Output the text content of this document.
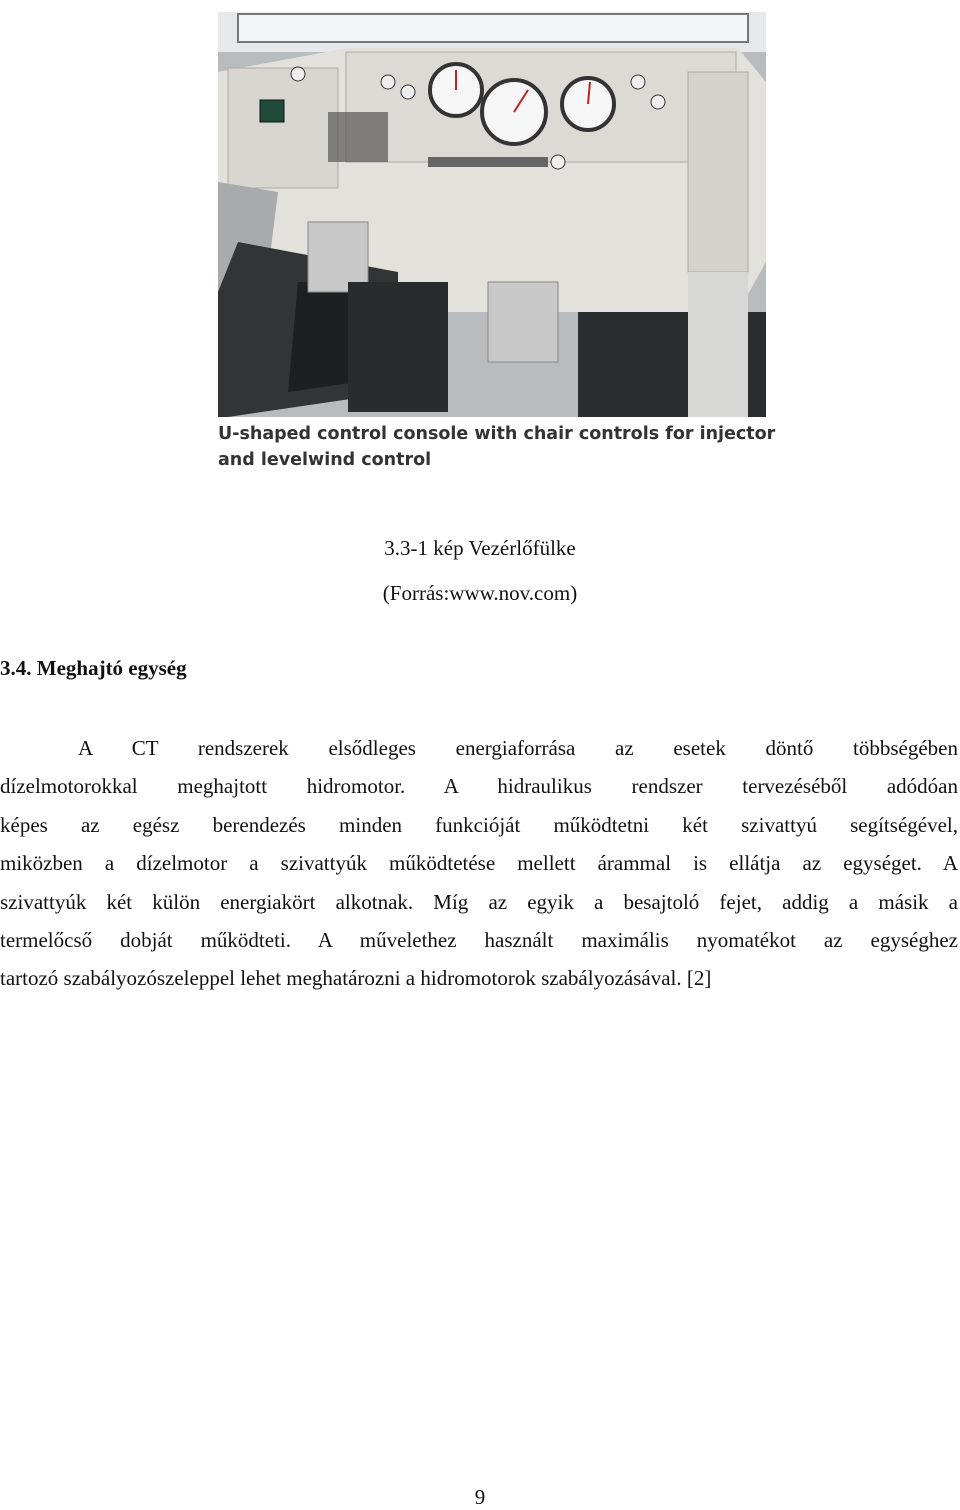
U-shaped control console with chair controls for injector
and levelwind control
3.3-1 kép Vezérlőfülke
(Forrás:www.nov.com)
3.4. Meghajtó egység
A CT rendszerek elsődleges energiaforrása az esetek döntő többségében
dízelmotorokkal meghajtott hidromotor. A hidraulikus rendszer tervezéséből adódóan
képes az egész berendezés minden funkcióját működtetni két szivattyú segítségével,
miközben a dízelmotor a szivattyúk működtetése mellett árammal is ellátja az egységet. A
szivattyúk két külön energiakört alkotnak. Míg az egyik a besajtoló fejet, addig a másik a
termelőcső dobját működteti. A művelethez használt maximális nyomatékot az egységhez
tartozó szabályozószeleppel lehet meghatározni a hidromotorok szabályozásával. [2]
9
